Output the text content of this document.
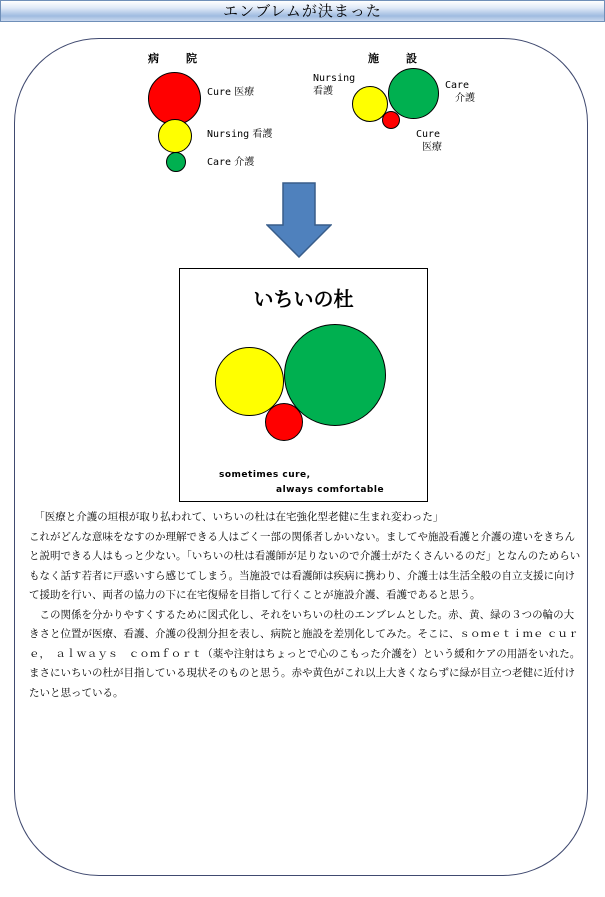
エンブレムが決まった
病　院
Cure 医療
Nursing 看護
Care 介護
施　設
Nursing
看護
Care
介護
Cure
医療
いちいの杜
sometimes cure,
always comfortable

　「医療と介護の垣根が取り払われて、いちいの杜は在宅強化型老健に生まれ変わった」

これがどんな意味をなすのか理解できる人はごく一部の関係者しかいない。ましてや施設看護と介護の違いをきちんと説明できる人はもっと少ない。「いちいの杜は看護師が足りないので介護士がたくさんいるのだ」となんのためらいもなく話す若者に戸惑いすら感じてしまう。当施設では看護師は疾病に携わり、介護士は生活全般の自立支援に向けて援助を行い、両者の協力の下に在宅復帰を目指して行くことが施設介護、看護であると思う。

　この関係を分かりやすくするために図式化し、それをいちいの杜のエンブレムとした。赤、黄、緑の３つの輪の大きさと位置が医療、看護、介護の役割分担を表し、病院と施設を差別化してみた。そこに、ｓｏｍｅｔｉｍｅ ｃｕｒｅ，　ａｌｗａｙｓ　ｃｏｍｆｏｒｔ（薬や注射はちょっとで心のこもった介護を）という緩和ケアの用語をいれた。まさにいちいの杜が目指している現状そのものと思う。赤や黄色がこれ以上大きくならずに緑が目立つ老健に近付けたいと思っている。
